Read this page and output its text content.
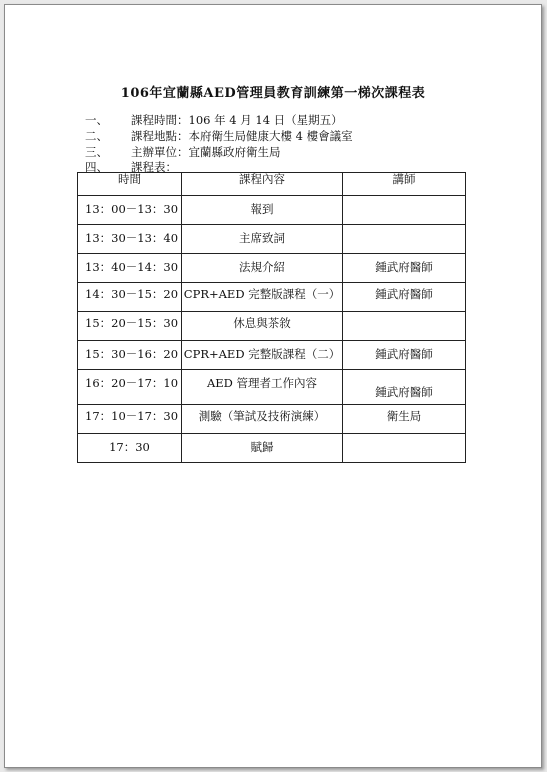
106年宜蘭縣AED管理員教育訓練第一梯次課程表
一、 課程時間：106 年 4 月 14 日（星期五）
二、 課程地點：本府衛生局健康大樓 4 樓會議室
三、 主辦單位：宜蘭縣政府衛生局
四、 課程表：
時間	課程內容	講師

13：00－13：30	報到	

13：30－13：40	主席致詞	

13：40－14：30	法規介紹	鍾武府醫師

14：30－15：20	CPR+AED 完整版課程（一）	鍾武府醫師

15：20－15：30	休息與茶敘	

15：30－16：20	CPR+AED 完整版課程（二）	鍾武府醫師

16：20－17：10	AED 管理者工作內容	鍾武府醫師

17：10－17：30	測驗（筆試及技術演練）	衛生局

17：30	賦歸	
